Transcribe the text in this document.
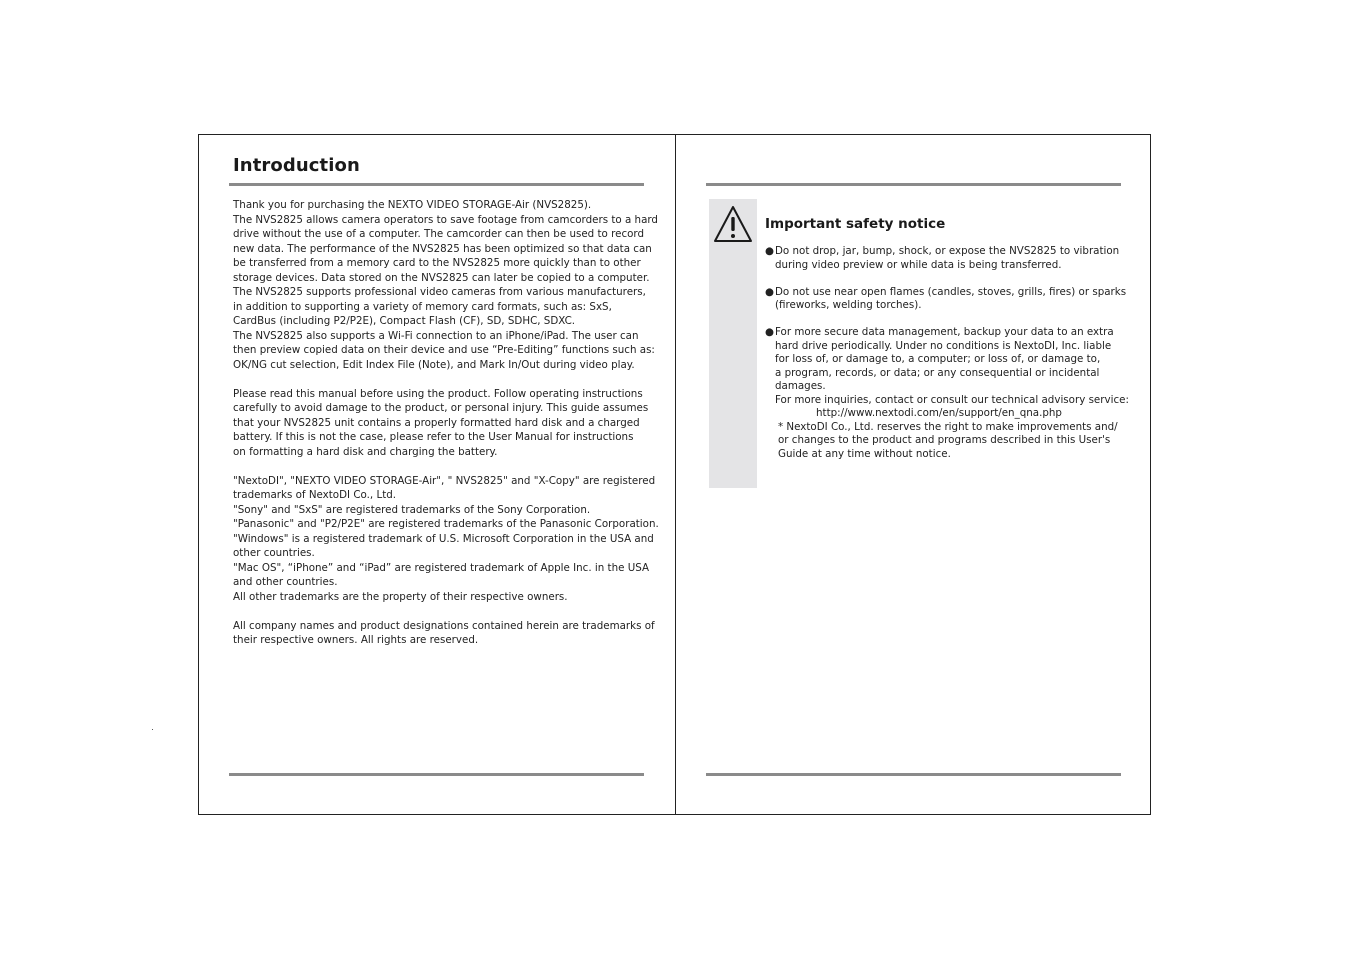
Introduction
Thank you for purchasing the NEXTO VIDEO STORAGE-Air (NVS2825).
The NVS2825 allows camera operators to save footage from camcorders to a hard
drive without the use of a computer. The camcorder can then be used to record
new data. The performance of the NVS2825 has been optimized so that data can
be transferred from a memory card to the NVS2825 more quickly than to other
storage devices. Data stored on the NVS2825 can later be copied to a computer.
The NVS2825 supports professional video cameras from various manufacturers,
in addition to supporting a variety of memory card formats, such as: SxS,
CardBus (including P2/P2E), Compact Flash (CF), SD, SDHC, SDXC.
The NVS2825 also supports a Wi-Fi connection to an iPhone/iPad. The user can
then preview copied data on their device and use “Pre-Editing” functions such as:
OK/NG cut selection, Edit Index File (Note), and Mark In/Out during video play.
Please read this manual before using the product. Follow operating instructions
carefully to avoid damage to the product, or personal injury. This guide assumes
that your NVS2825 unit contains a properly formatted hard disk and a charged
battery. If this is not the case, please refer to the User Manual for instructions
on formatting a hard disk and charging the battery.
"NextoDI", "NEXTO VIDEO STORAGE-Air", " NVS2825" and "X-Copy" are registered
trademarks of NextoDI Co., Ltd.
"Sony" and "SxS" are registered trademarks of the Sony Corporation.
"Panasonic" and "P2/P2E" are registered trademarks of the Panasonic Corporation.
"Windows" is a registered trademark of U.S. Microsoft Corporation in the USA and
other countries.
"Mac OS", “iPhone” and “iPad” are registered trademark of Apple Inc. in the USA
and other countries.
All other trademarks are the property of their respective owners.
All company names and product designations contained herein are trademarks of
their respective owners. All rights are reserved.
Important safety notice
● Do not drop, jar, bump, shock, or expose the NVS2825 to vibration
during video preview or while data is being transferred.
● Do not use near open flames (candles, stoves, grills, fires) or sparks
(fireworks, welding torches).
● For more secure data management, backup your data to an extra
hard drive periodically. Under no conditions is NextoDI, Inc. liable
for loss of, or damage to, a computer; or loss of, or damage to,
a program, records, or data; or any consequential or incidental
damages.
For more inquiries, contact or consult our technical advisory service:
http://www.nextodi.com/en/support/en_qna.php
* NextoDI Co., Ltd. reserves the right to make improvements and/
or changes to the product and programs described in this User's
Guide at any time without notice.
